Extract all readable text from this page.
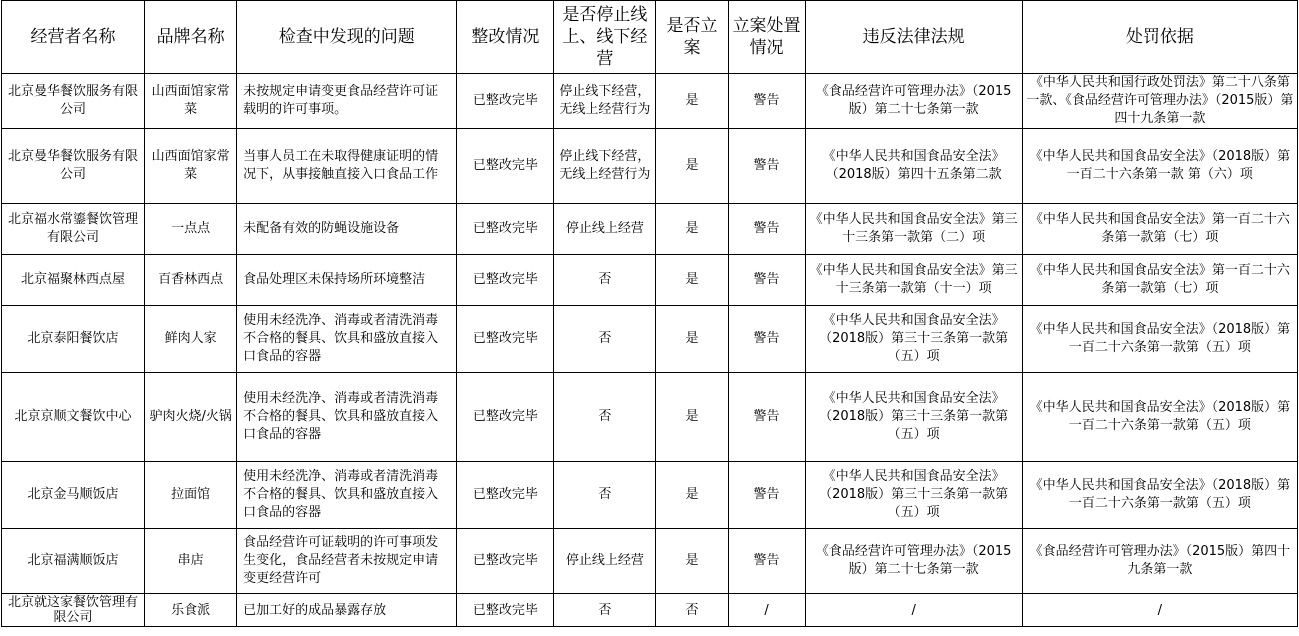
经营者名称	品牌名称	检查中发现的问题	整改情况	是否停止线上、线下经营	是否立案	立案处置情况	违反法律法规	处罚依据
北京曼华餐饮服务有限公司	山西面馆家常菜	未按规定申请变更食品经营许可证载明的许可事项。	已整改完毕	停止线下经营，无线上经营行为	是	警告	《食品经营许可管理办法》（2015版）第二十七条第一款	《中华人民共和国行政处罚法》第二十八条第一款、《食品经营许可管理办法》（2015版）第四十九条第一款
北京曼华餐饮服务有限公司	山西面馆家常菜	当事人员工在未取得健康证明的情况下，从事接触直接入口食品工作	已整改完毕	停止线下经营，无线上经营行为	是	警告	《中华人民共和国食品安全法》（2018版）第四十五条第二款	《中华人民共和国食品安全法》（2018版）第一百二十六条第一款 第（六）项
北京福水常鎏餐饮管理有限公司	一点点	未配备有效的防蝇设施设备	已整改完毕	停止线上经营	是	警告	《中华人民共和国食品安全法》第三十三条第一款第（二）项	《中华人民共和国食品安全法》第一百二十六条第一款第（七）项
北京福聚林西点屋	百香林西点	食品处理区未保持场所环境整洁	已整改完毕	否	是	警告	《中华人民共和国食品安全法》第三十三条第一款第（十一）项	《中华人民共和国食品安全法》第一百二十六条第一款第（七）项
北京泰阳餐饮店	鲜肉人家	使用未经洗净、消毒或者清洗消毒不合格的餐具、饮具和盛放直接入口食品的容器	已整改完毕	否	是	警告	《中华人民共和国食品安全法》（2018版）第三十三条第一款第（五）项	《中华人民共和国食品安全法》（2018版）第一百二十六条第一款第（五）项
北京京顺文餐饮中心	驴肉火烧/火锅	使用未经洗净、消毒或者清洗消毒不合格的餐具、饮具和盛放直接入口食品的容器	已整改完毕	否	是	警告	《中华人民共和国食品安全法》（2018版）第三十三条第一款第（五）项	《中华人民共和国食品安全法》（2018版）第一百二十六条第一款第（五）项
北京金马顺饭店	拉面馆	使用未经洗净、消毒或者清洗消毒不合格的餐具、饮具和盛放直接入口食品的容器	已整改完毕	否	是	警告	《中华人民共和国食品安全法》（2018版）第三十三条第一款第（五）项	《中华人民共和国食品安全法》（2018版）第一百二十六条第一款第（五）项
北京福满顺饭店	串店	食品经营许可证载明的许可事项发生变化，食品经营者未按规定申请变更经营许可	已整改完毕	停止线上经营	是	警告	《食品经营许可管理办法》（2015版）第二十七条第一款	《食品经营许可管理办法》（2015版）第四十九条第一款
北京就这家餐饮管理有限公司	乐食派	已加工好的成品暴露存放	已整改完毕	否	否	/	/	/
